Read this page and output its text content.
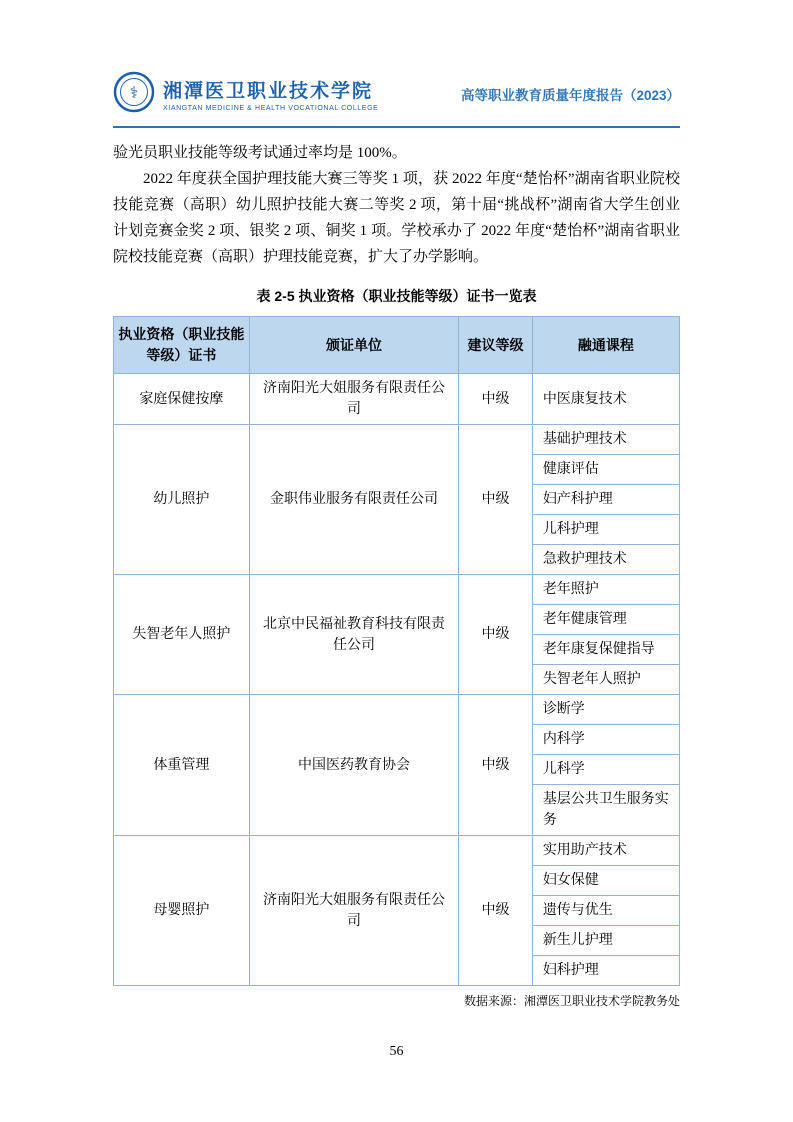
⚕ 湘潭医卫职业技术学院
XIANGTAN MEDICINE & HEALTH VOCATIONAL COLLEGE
高等职业教育质量年度报告（2023）

验光员职业技能等级考试通过率均是 100%。

2022 年度获全国护理技能大赛三等奖 1 项，获 2022 年度“楚怡杯”湖南省职业院校技能竞赛（高职）幼儿照护技能大赛二等奖 2 项，第十届“挑战杯”湖南省大学生创业计划竞赛金奖 2 项、银奖 2 项、铜奖 1 项。学校承办了 2022 年度“楚怡杯”湖南省职业院校技能竞赛（高职）护理技能竞赛，扩大了办学影响。

表 2-5 执业资格（职业技能等级）证书一览表
执业资格（职业技能等级）证书	颁证单位	建议等级	融通课程
家庭保健按摩	济南阳光大姐服务有限责任公司	中级	中医康复技术
幼儿照护	金职伟业服务有限责任公司	中级	基础护理技术
			健康评估
			妇产科护理
			儿科护理
			急救护理技术
失智老年人照护	北京中民福祉教育科技有限责任公司	中级	老年照护
			老年健康管理
			老年康复保健指导
			失智老年人照护
体重管理	中国医药教育协会	中级	诊断学
			内科学
			儿科学
			基层公共卫生服务实务
母婴照护	济南阳光大姐服务有限责任公司	中级	实用助产技术
			妇女保健
			遗传与优生
			新生儿护理
			妇科护理
数据来源：湘潭医卫职业技术学院教务处
56
